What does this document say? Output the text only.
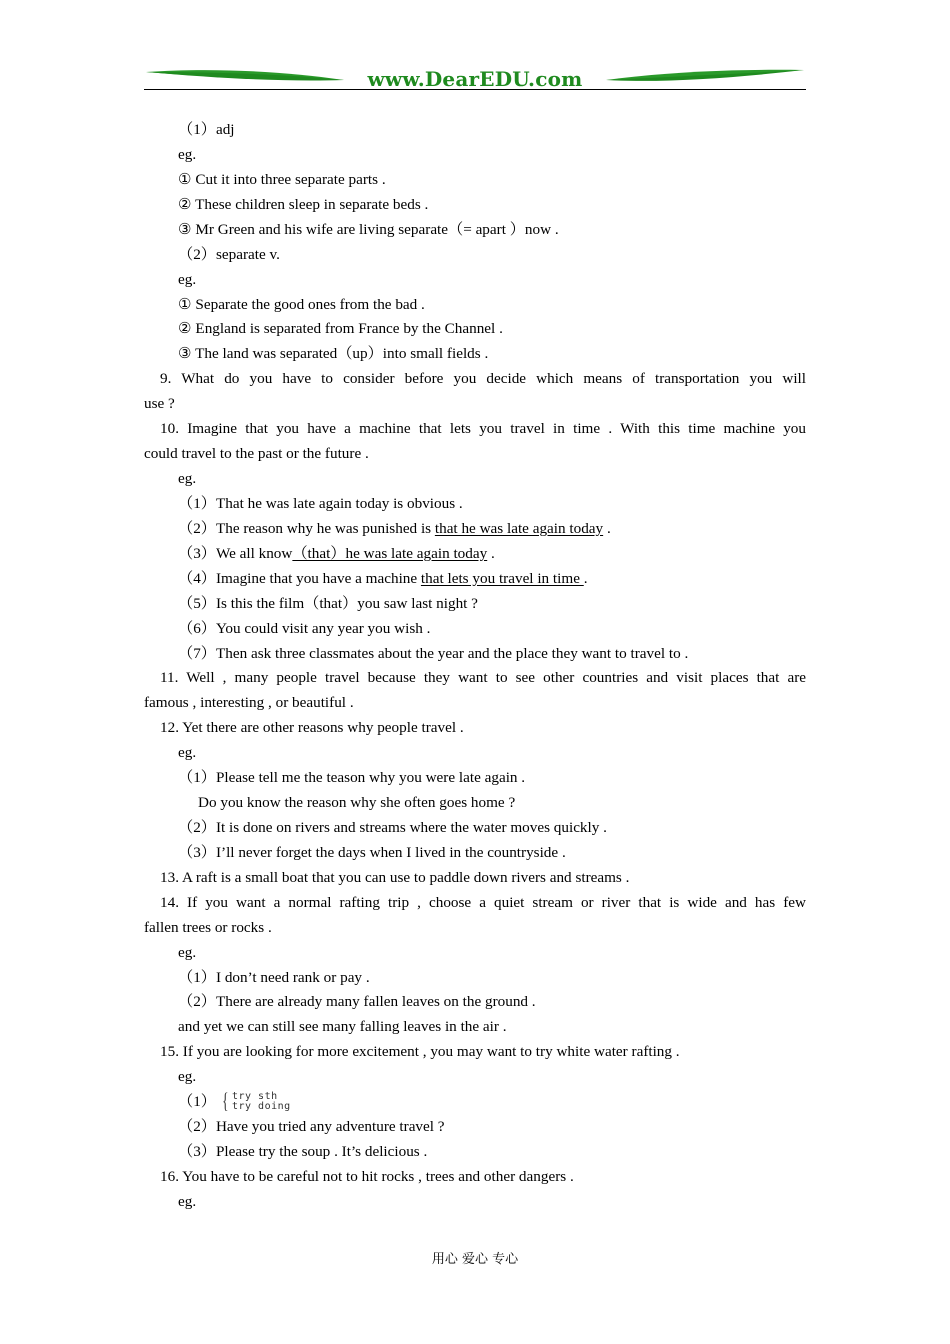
www.DearEDU.com
（1）adj
eg.
① Cut it into three separate parts .
② These children sleep in separate beds .
③ Mr Green and his wife are living separate（= apart ）now .
（2）separate v.
eg.
① Separate the good ones from the bad .
② England is separated from France by the Channel .
③ The land was separated（up）into small fields .
9. What do you have to consider before you decide which means of transportation you will
use ?
10. Imagine that you have a machine that lets you travel in time . With this time machine you
could travel to the past or the future .
eg.
（1）That he was late again today is obvious .
（2）The reason why he was punished is that he was late again today .
（3）We all know（that）he was late again today .
（4）Imagine that you have a machine that lets you travel in time .
（5）Is this the film（that）you saw last night ?
（6）You could visit any year you wish .
（7）Then ask three classmates about the year and the place they want to travel to .
11. Well , many people travel because they want to see other countries and visit places that are
famous , interesting , or beautiful .
12. Yet there are other reasons why people travel .
eg.
（1）Please tell me the teason why you were late again .
Do you know the reason why she often goes home ?
（2）It is done on rivers and streams where the water moves quickly .
（3）I’ll never forget the days when I lived in the countryside .
13. A raft is a small boat that you can use to paddle down rivers and streams .
14. If you want a normal rafting trip , choose a quiet stream or river that is wide and has few
fallen trees or rocks .
eg.
（1）I don’t need rank or pay .
（2）There are already many fallen leaves on the ground .
and yet we can still see many falling leaves in the air .
15. If you are looking for more excitement , you may want to try white water rafting .
eg.
（1） { try sth
try doing
（2）Have you tried any adventure travel ?
（3）Please try the soup . It’s delicious .
16. You have to be careful not to hit rocks , trees and other dangers .
eg.
用心 爱心 专心
